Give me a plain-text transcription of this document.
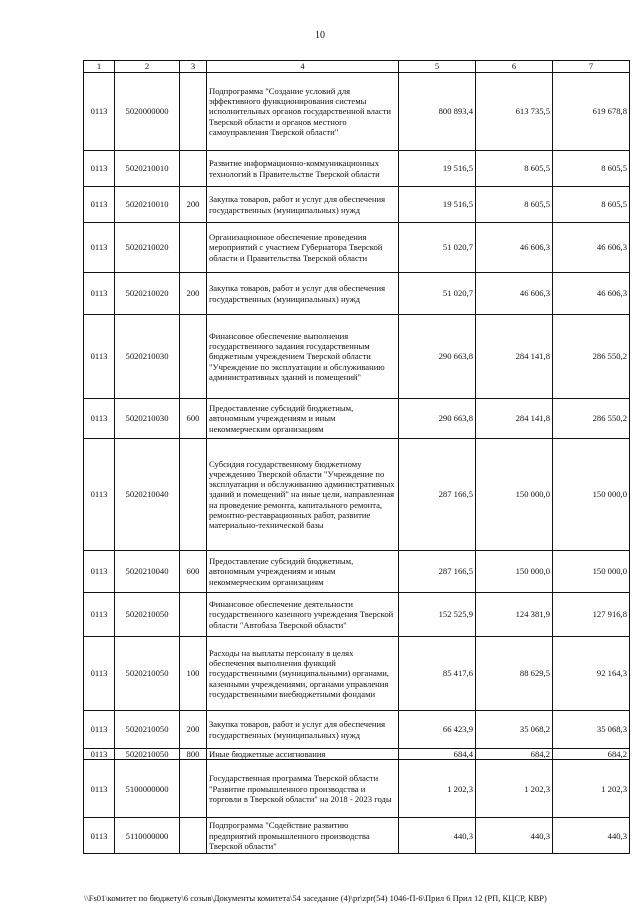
10
1	2	3	4	5	6	7
0113	5020000000		Подпрограмма "Создание условий для эффективного функционирования системы исполнительных органов государственной власти Тверской области и органов местного самоуправления Тверской области"	800 893,4	613 735,5	619 678,8
0113	5020210010		Развитие информационно-коммуникационных технологий в Правительстве Тверской области	19 516,5	8 605,5	8 605,5
0113	5020210010	200	Закупка товаров, работ и услуг для обеспечения государственных (муниципальных) нужд	19 516,5	8 605,5	8 605,5
0113	5020210020		Организационное обеспечение проведения мероприятий с участием Губернатора Тверской области и Правительства Тверской области	51 020,7	46 606,3	46 606,3
0113	5020210020	200	Закупка товаров, работ и услуг для обеспечения государственных (муниципальных) нужд	51 020,7	46 606,3	46 606,3
0113	5020210030		Финансовое обеспечение выполнения государственного задания государственным бюджетным учреждением Тверской области "Учреждение по эксплуатации и обслуживанию административных зданий и помещений"	290 663,8	284 141,8	286 550,2
0113	5020210030	600	Предоставление субсидий бюджетным, автономным учреждениям и иным некоммерческим организациям	290 663,8	284 141,8	286 550,2
0113	5020210040		Субсидия государственному бюджетному учреждению Тверской области "Учреждение по эксплуатации и обслуживанию административных зданий и помещений" на иные цели, направленная на проведение ремонта, капитального ремонта, ремонтно-реставрационных работ, развитие материально-технической базы	287 166,5	150 000,0	150 000,0
0113	5020210040	600	Предоставление субсидий бюджетным, автономным учреждениям и иным некоммерческим организациям	287 166,5	150 000,0	150 000,0
0113	5020210050		Финансовое обеспечение деятельности государственного казенного учреждения Тверской области "Автобаза Тверской области"	152 525,9	124 381,9	127 916,8
0113	5020210050	100	Расходы на выплаты персоналу в целях обеспечения выполнения функций государственными (муниципальными) органами, казенными учреждениями, органами управления государственными внебюджетными фондами	85 417,6	88 629,5	92 164,3
0113	5020210050	200	Закупка товаров, работ и услуг для обеспечения государственных (муниципальных) нужд	66 423,9	35 068,2	35 068,3
0113	5020210050	800	Иные бюджетные ассигнования	684,4	684,2	684,2
0113	5100000000		Государственная программа Тверской области "Развитие промышленного производства и торговли в Тверской области" на 2018 - 2023 годы	1 202,3	1 202,3	1 202,3
0113	5110000000		Подпрограмма "Содействие развитию предприятий промышленного производства Тверской области"	440,3	440,3	440,3
\\Fs01\комитет по бюджету\6 созыв\Документы комитета\54 заседание (4)\pr\zpr(54) 1046-П-6\Прил 6 Прил 12 (РП, КЦСР, КВР)
